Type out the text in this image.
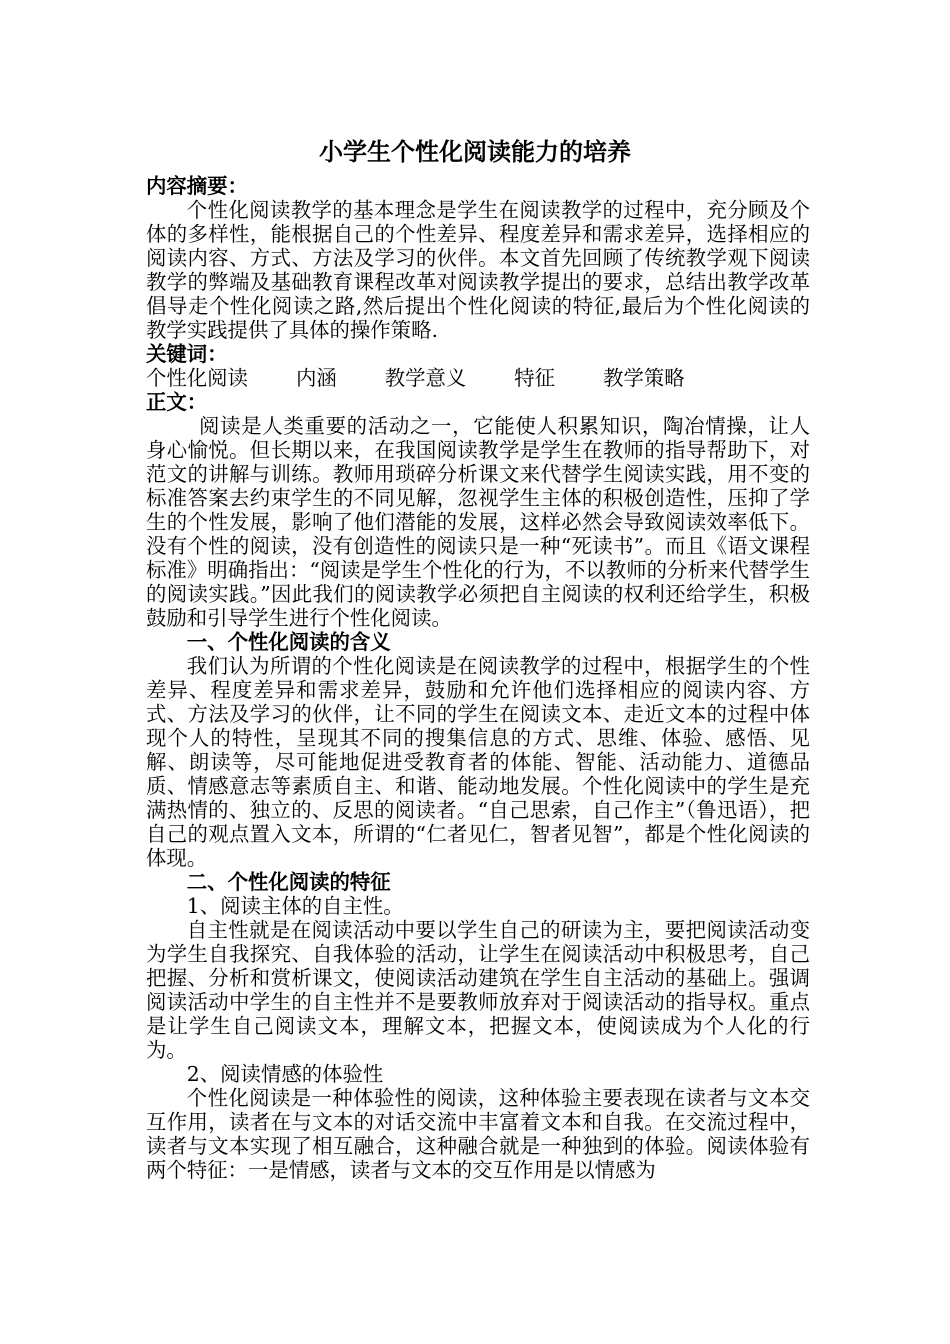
小学生个性化阅读能力的培养
内容摘要：

个性化阅读教学的基本理念是学生在阅读教学的过程中，充分顾及个体的多样性，能根据自己的个性差异、程度差异和需求差异，选择相应的阅读内容、方式、方法及学习的伙伴。本文首先回顾了传统教学观下阅读教学的弊端及基础教育课程改革对阅读教学提出的要求，总结出教学改革倡导走个性化阅读之路,然后提出个性化阅读的特征,最后为个性化阅读的教学实践提供了具体的操作策略.

关键词：
个性化阅读 内涵 教学意义 特征 教学策略
正文：

阅读是人类重要的活动之一，它能使人积累知识，陶冶情操，让人身心愉悦。但长期以来，在我国阅读教学是学生在教师的指导帮助下，对范文的讲解与训练。教师用琐碎分析课文来代替学生阅读实践，用不变的标准答案去约束学生的不同见解，忽视学生主体的积极创造性，压抑了学生的个性发展，影响了他们潜能的发展，这样必然会导致阅读效率低下。没有个性的阅读，没有创造性的阅读只是一种“死读书”。而且《语文课程标准》明确指出：“阅读是学生个性化的行为，不以教师的分析来代替学生的阅读实践。”因此我们的阅读教学必须把自主阅读的权利还给学生，积极鼓励和引导学生进行个性化阅读。

一、个性化阅读的含义

我们认为所谓的个性化阅读是在阅读教学的过程中，根据学生的个性差异、程度差异和需求差异，鼓励和允许他们选择相应的阅读内容、方式、方法及学习的伙伴，让不同的学生在阅读文本、走近文本的过程中体现个人的特性，呈现其不同的搜集信息的方式、思维、体验、感悟、见解、朗读等，尽可能地促进受教育者的体能、智能、活动能力、道德品质、情感意志等素质自主、和谐、能动地发展。个性化阅读中的学生是充满热情的、独立的、反思的阅读者。“自己思索，自己作主”（鲁迅语），把自己的观点置入文本，所谓的“仁者见仁，智者见智”，都是个性化阅读的体现。

二、个性化阅读的特征
1、阅读主体的自主性。

自主性就是在阅读活动中要以学生自己的研读为主，要把阅读活动变为学生自我探究、自我体验的活动，让学生在阅读活动中积极思考，自己把握、分析和赏析课文，使阅读活动建筑在学生自主活动的基础上。强调阅读活动中学生的自主性并不是要教师放弃对于阅读活动的指导权。重点是让学生自己阅读文本，理解文本，把握文本，使阅读成为个人化的行为。

2、阅读情感的体验性

个性化阅读是一种体验性的阅读，这种体验主要表现在读者与文本交互作用，读者在与文本的对话交流中丰富着文本和自我。在交流过程中，读者与文本实现了相互融合，这种融合就是一种独到的体验。阅读体验有两个特征：一是情感，读者与文本的交互作用是以情感为
